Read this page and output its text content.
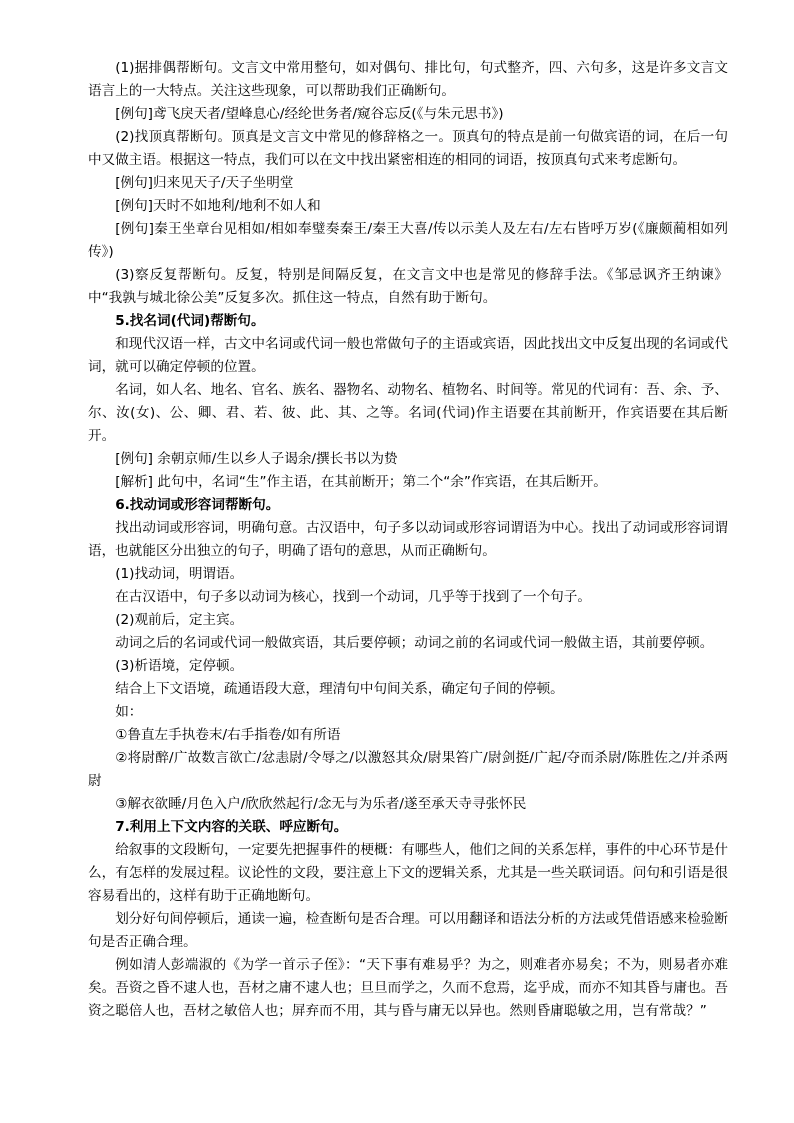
(1)据排偶帮断句。文言文中常用整句，如对偶句、排比句，句式整齐，四、六句多，这是许多文言文语言上的一大特点。关注这些现象，可以帮助我们正确断句。

[例句]鸢飞戾天者/望峰息心/经纶世务者/窥谷忘反(《与朱元思书》)

(2)找顶真帮断句。顶真是文言文中常见的修辞格之一。顶真句的特点是前一句做宾语的词，在后一句中又做主语。根据这一特点，我们可以在文中找出紧密相连的相同的词语，按顶真句式来考虑断句。

[例句]归来见天子/天子坐明堂

[例句]天时不如地利/地利不如人和

[例句]秦王坐章台见相如/相如奉璧奏秦王/秦王大喜/传以示美人及左右/左右皆呼万岁(《廉颇蔺相如列传》)

(3)察反复帮断句。反复，特别是间隔反复，在文言文中也是常见的修辞手法。《邹忌讽齐王纳谏》中“我孰与城北徐公美”反复多次。抓住这一特点，自然有助于断句。

5.找名词(代词)帮断句。

和现代汉语一样，古文中名词或代词一般也常做句子的主语或宾语，因此找出文中反复出现的名词或代词，就可以确定停顿的位置。

名词，如人名、地名、官名、族名、器物名、动物名、植物名、时间等。常见的代词有：吾、余、予、尔、汝(女)、公、卿、君、若、彼、此、其、之等。名词(代词)作主语要在其前断开，作宾语要在其后断开。

[例句] 余朝京师/生以乡人子谒余/撰长书以为贽

[解析] 此句中，名词“生”作主语，在其前断开；第二个“余”作宾语，在其后断开。

6.找动词或形容词帮断句。

找出动词或形容词，明确句意。古汉语中，句子多以动词或形容词谓语为中心。找出了动词或形容词谓语，也就能区分出独立的句子，明确了语句的意思，从而正确断句。

(1)找动词，明谓语。

在古汉语中，句子多以动词为核心，找到一个动词，几乎等于找到了一个句子。

(2)观前后，定主宾。

动词之后的名词或代词一般做宾语，其后要停顿；动词之前的名词或代词一般做主语，其前要停顿。

(3)析语境，定停顿。

结合上下文语境，疏通语段大意，理清句中句间关系，确定句子间的停顿。

如：

①鲁直左手执卷末/右手指卷/如有所语

②将尉醉/广故数言欲亡/忿恚尉/令辱之/以激怒其众/尉果笞广/尉剑挺/广起/夺而杀尉/陈胜佐之/并杀两尉

③解衣欲睡/月色入户/欣欣然起行/念无与为乐者/遂至承天寺寻张怀民

7.利用上下文内容的关联、呼应断句。

给叙事的文段断句，一定要先把握事件的梗概：有哪些人，他们之间的关系怎样，事件的中心环节是什么，有怎样的发展过程。议论性的文段，要注意上下文的逻辑关系，尤其是一些关联词语。问句和引语是很容易看出的，这样有助于正确地断句。

划分好句间停顿后，通读一遍，检查断句是否合理。可以用翻译和语法分析的方法或凭借语感来检验断句是否正确合理。

例如清人彭端淑的《为学一首示子侄》：“天下事有难易乎？为之，则难者亦易矣；不为，则易者亦难矣。吾资之昏不逮人也，吾材之庸不逮人也；旦旦而学之，久而不怠焉，迄乎成，而亦不知其昏与庸也。吾资之聪倍人也，吾材之敏倍人也；屏弃而不用，其与昏与庸无以异也。然则昏庸聪敏之用，岂有常哉？”
